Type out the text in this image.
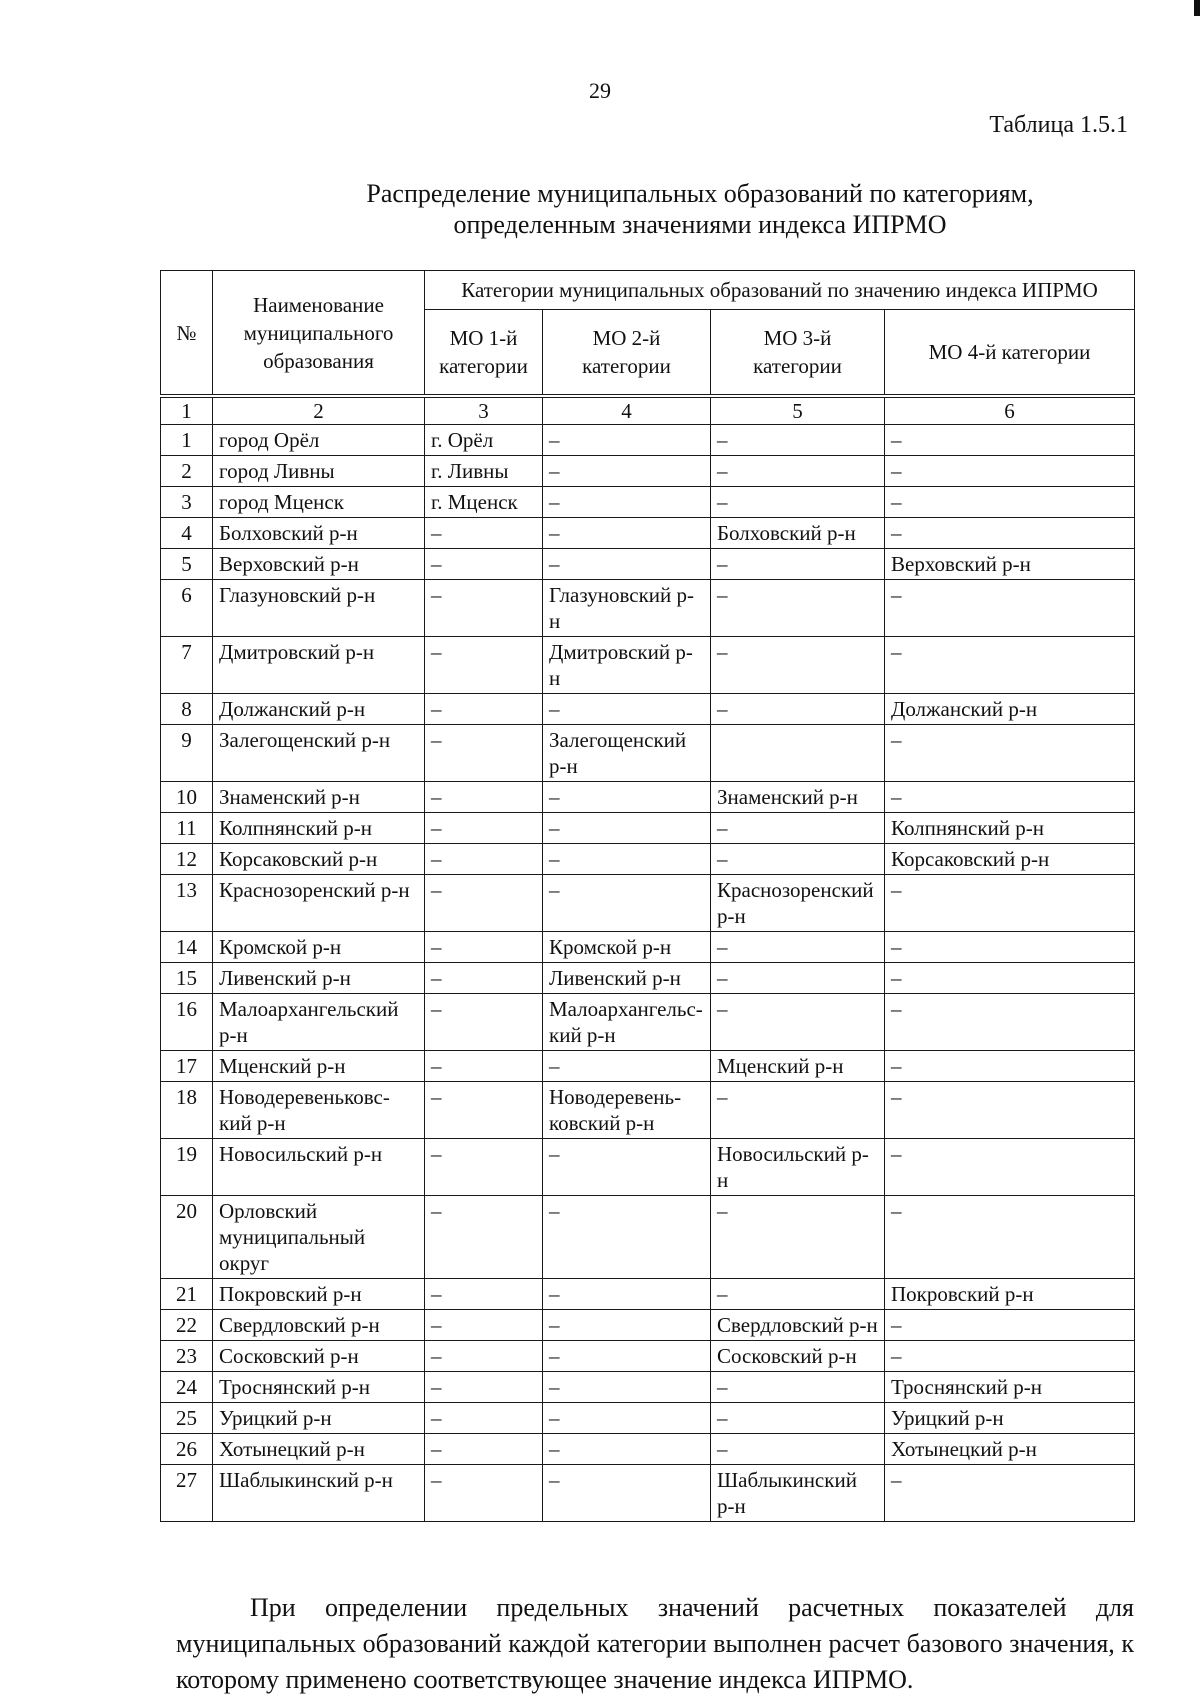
29
Таблица 1.5.1
Распределение муниципальных образований по категориям,
определенным значениями индекса ИПРМО
№	Наименование муниципального образования	Категории муниципальных образований по значению индекса ИПРМО			
		МО 1-й категории	МО 2-й категории	МО 3-й категории	МО 4-й категории
1	2	3	4	5	6
1	город Орёл	г. Орёл	–	–	–
2	город Ливны	г. Ливны	–	–	–
3	город Мценск	г. Мценск	–	–	–
4	Болховский р-н	–	–	Болховский р-н	–
5	Верховский р-н	–	–	–	Верховский р-н
6	Глазуновский р-н	–	Глазуновский р-н	–	–
7	Дмитровский р-н	–	Дмитровский р-н	–	–
8	Должанский р-н	–	–	–	Должанский р-н
9	Залегощенский р-н	–	Залегощенский р-н		–
10	Знаменский р-н	–	–	Знаменский р-н	–
11	Колпнянский р-н	–	–	–	Колпнянский р-н
12	Корсаковский р-н	–	–	–	Корсаковский р-н
13	Краснозоренский р-н	–	–	Краснозоренский р-н	–
14	Кромской р-н	–	Кромской р-н	–	–
15	Ливенский р-н	–	Ливенский р-н	–	–
16	Малоархангельский р-н	–	Малоархангельс-кий р-н	–	–
17	Мценский р-н	–	–	Мценский р-н	–
18	Новодеревеньковс-кий р-н	–	Новодеревень-ковский р-н	–	–
19	Новосильский р-н	–	–	Новосильский р-н	–
20	Орловский муниципальный округ	–	–	–	–
21	Покровский р-н	–	–	–	Покровский р-н
22	Свердловский р-н	–	–	Свердловский р-н	–
23	Сосковский р-н	–	–	Сосковский р-н	–
24	Троснянский р-н	–	–	–	Троснянский р-н
25	Урицкий р-н	–	–	–	Урицкий р-н
26	Хотынецкий р-н	–	–	–	Хотынецкий р-н
27	Шаблыкинский р-н	–	–	Шаблыкинский р-н	–

При определении предельных значений расчетных показателей для муниципальных образований каждой категории выполнен расчет базового значения, к которому применено соответствующее значение индекса ИПРМО.
